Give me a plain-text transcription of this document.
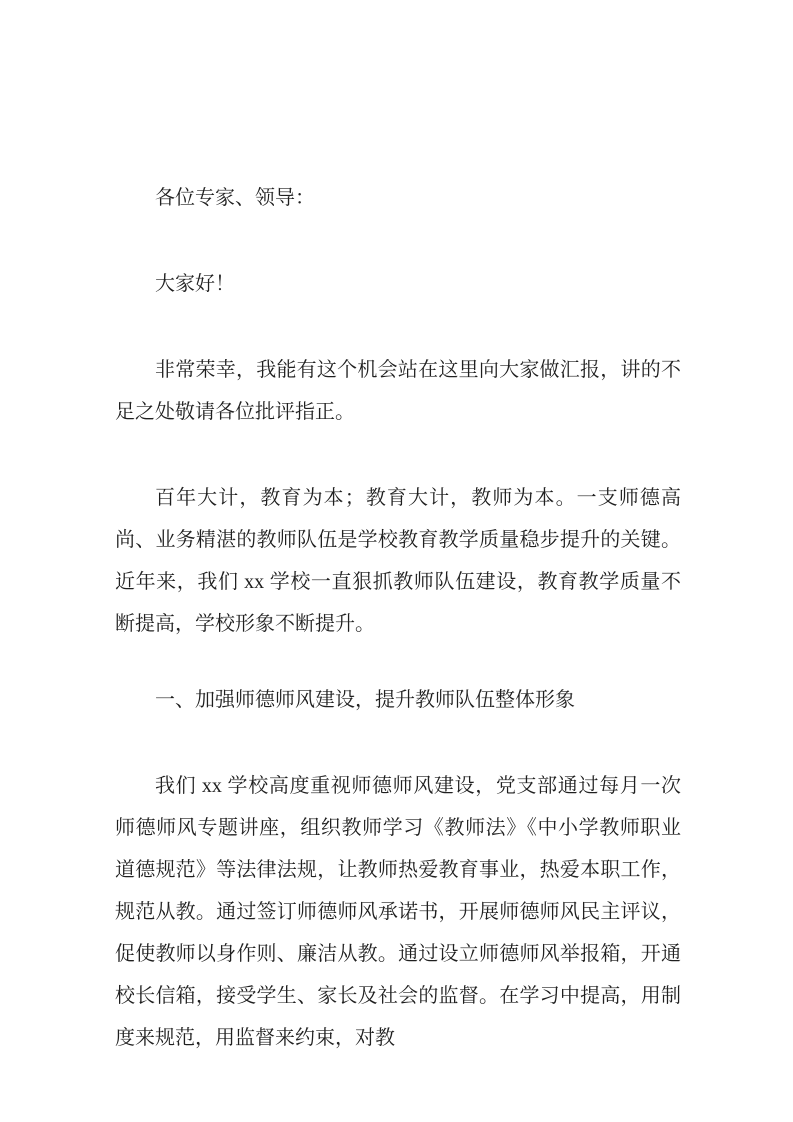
各位专家、领导：

大家好！

非常荣幸，我能有这个机会站在这里向大家做汇报，讲的不足之处敬请各位批评指正。

百年大计，教育为本；教育大计，教师为本。一支师德高尚、业务精湛的教师队伍是学校教育教学质量稳步提升的关键。近年来，我们 xx 学校一直狠抓教师队伍建设，教育教学质量不断提高，学校形象不断提升。

一、加强师德师风建设，提升教师队伍整体形象

我们 xx 学校高度重视师德师风建设，党支部通过每月一次师德师风专题讲座，组织教师学习《教师法》《中小学教师职业道德规范》等法律法规，让教师热爱教育事业，热爱本职工作，规范从教。通过签订师德师风承诺书，开展师德师风民主评议，促使教师以身作则、廉洁从教。通过设立师德师风举报箱，开通校长信箱，接受学生、家长及社会的监督。在学习中提高，用制度来规范，用监督来约束，对教
